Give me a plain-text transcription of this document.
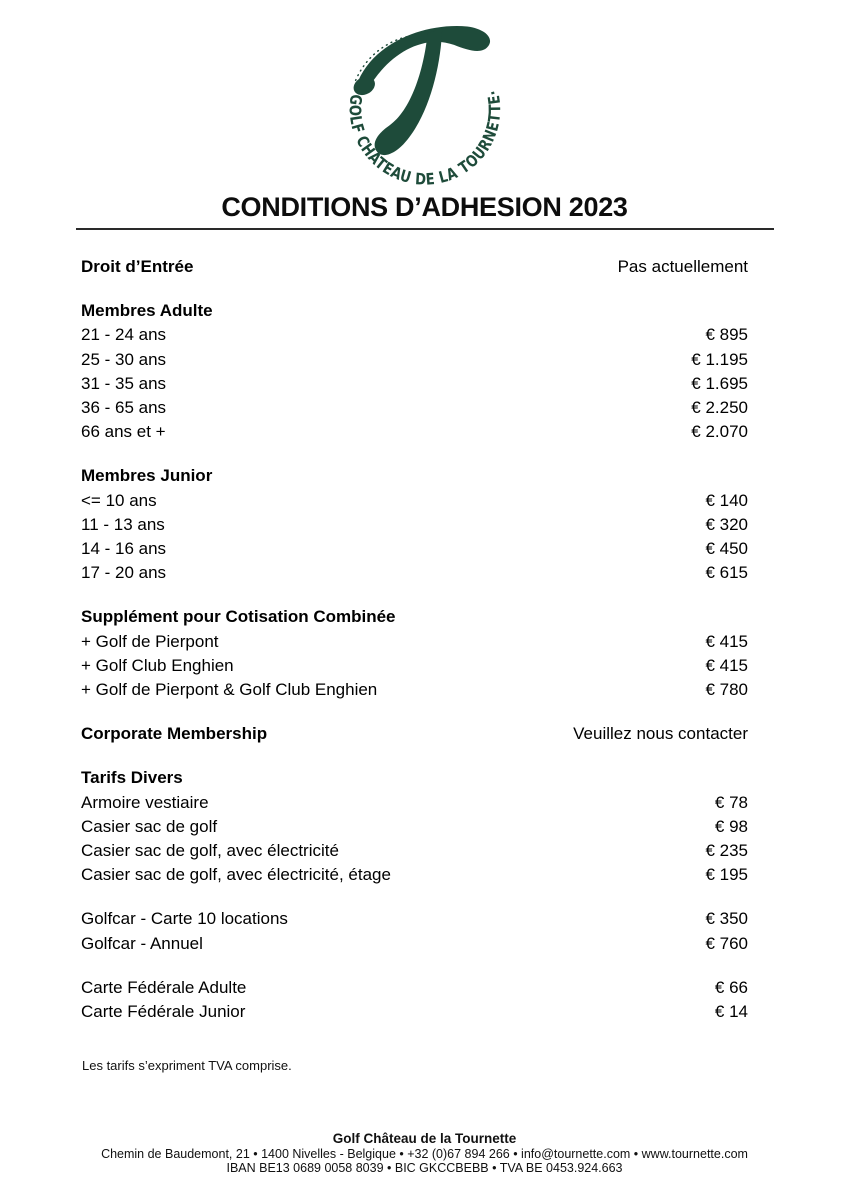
GOLF CHATEAU DE LA TOURNETTE·
CONDITIONS D’ADHESION 2023
Droit d’Entrée	Pas actuellement
Membres Adulte
21 - 24 ans	€ 895
25 - 30 ans	€ 1.195
31 - 35 ans	€ 1.695
36 - 65 ans	€ 2.250
66 ans et +	€ 2.070
Membres Junior
<= 10 ans	€ 140
11 - 13 ans	€ 320
14 - 16 ans	€ 450
17 - 20 ans	€ 615
Supplément pour Cotisation Combinée
+ Golf de Pierpont	€ 415
+ Golf Club Enghien	€ 415
+ Golf de Pierpont & Golf Club Enghien	€ 780
Corporate Membership	Veuillez nous contacter
Tarifs Divers
Armoire vestiaire	€ 78
Casier sac de golf	€ 98
Casier sac de golf, avec électricité	€ 235
Casier sac de golf, avec électricité, étage	€ 195
Golfcar - Carte 10 locations	€ 350
Golfcar - Annuel	€ 760
Carte Fédérale Adulte	€ 66
Carte Fédérale Junior	€ 14
Les tarifs s’expriment TVA comprise.
Golf Château de la Tournette
Chemin de Baudemont, 21 • 1400 Nivelles - Belgique • +32 (0)67 894 266 • info@tournette.com • www.tournette.com
IBAN BE13 0689 0058 8039 • BIC GKCCBEBB • TVA BE 0453.924.663
